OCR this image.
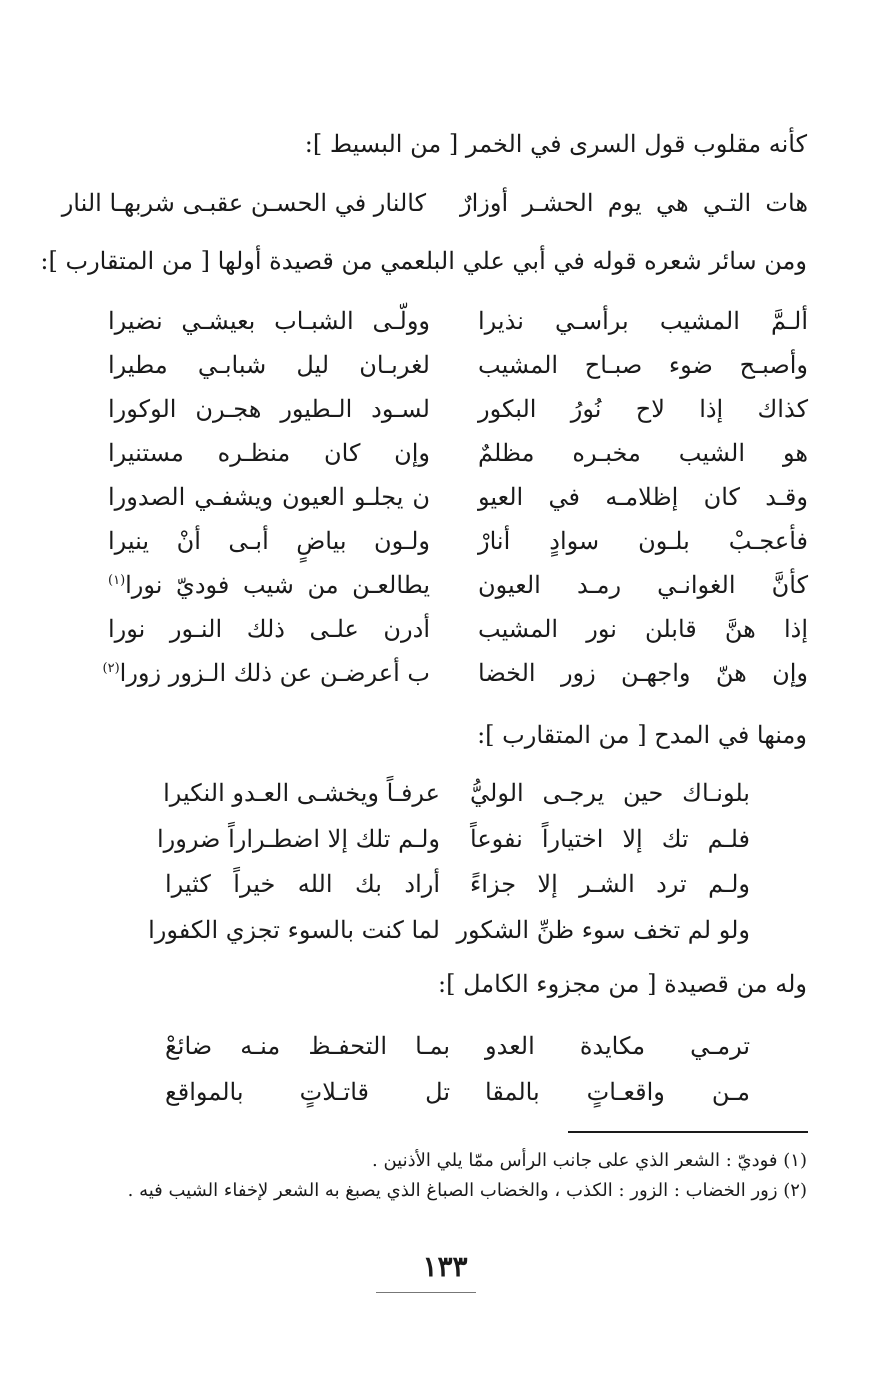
كأنه مقلوب قول السرى في الخمر [ من البسيط ]:
هات التـي هي يوم الحشـر أوزارٌ
كالنار في الحسـن عقبـى شربهـا النار
ومن سائر شعره قوله في أبي علي البلعمي من قصيدة أولها [ من المتقارب ]:
ألـمَّ المشيب برأسـي نذيرا
وولّـى الشبـاب بعيشـي نضيرا
وأصبـح ضوء صبـاح المشيب
لغربـان ليل شبابـي مطيرا
كذاك إذا لاح نُورُ البكور
لسـود الـطيور هجـرن الوكورا
هو الشيب مخبـره مظلمٌ
وإن كان منظـره مستنيرا
وقـد كان إظلامـه في العيو
ن يجلـو العيون ويشفـي الصدورا
فأعجـبْ بلـون سوادٍ أنارْ
ولـون بياضٍ أبـى أنْ ينيرا
كأنَّ الغوانـي رمـد العيون
يطالعـن من شيب فوديّ نورا$^{(١)}$
إذا هنَّ قابلن نور المشيب
أدرن علـى ذلك النـور نورا
وإن هنّ واجهـن زور الخضا
ب أعرضـن عن ذلك الـزور زورا$^{(٢)}$
ومنها في المدح [ من المتقارب ]:
بلونـاك حين يرجـى الوليُّ
عرفـاً ويخشـى العـدو النكيرا
فلـم تك إلا اختياراً نفوعاً
ولـم تلك إلا اضطـراراً ضرورا
ولـم ترد الشـر إلا جزاءً
أراد بك الله خيراً كثيرا
ولو لم تخف سوء ظنِّ الشكور
لما كنت بالسوء تجزي الكفورا
وله من قصيدة [ من مجزوء الكامل ]:
ترمـي مكايدة العدو
بمـا التحفـظ منـه ضائعْ
مـن واقعـاتٍ بالمقا
تل قاتـلاتٍ بالمواقع
(١) فوديّ : الشعر الذي على جانب الرأس ممّا يلي الأذنين .
(٢) زور الخضاب : الزور : الكذب ، والخضاب الصباغ الذي يصبغ به الشعر لإخفاء الشيب فيه .
١٣٣
